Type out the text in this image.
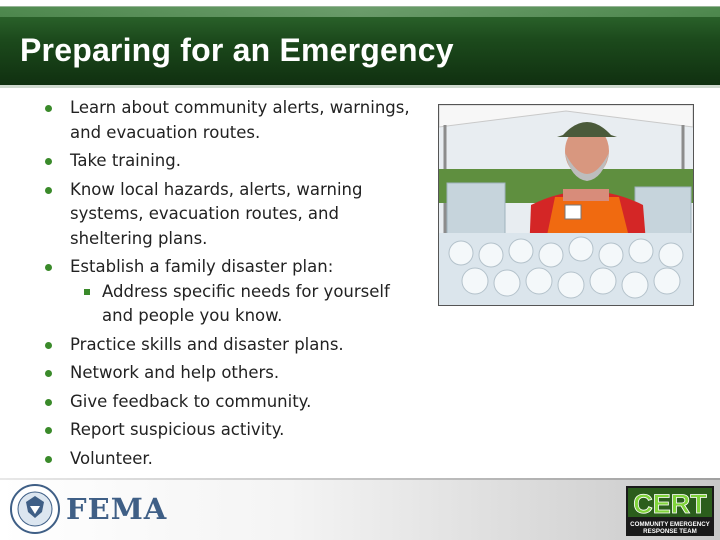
Preparing for an Emergency
Learn about community alerts, warnings, and evacuation routes.
Take training.
Know local hazards, alerts, warning systems, evacuation routes, and sheltering plans.
Establish a family disaster plan:
Address specific needs for yourself and people you know.
Practice skills and disaster plans.
Network and help others.
Give feedback to community.
Report suspicious activity.
Volunteer.
FEMA	CERT
COMMUNITY EMERGENCY
RESPONSE TEAM
